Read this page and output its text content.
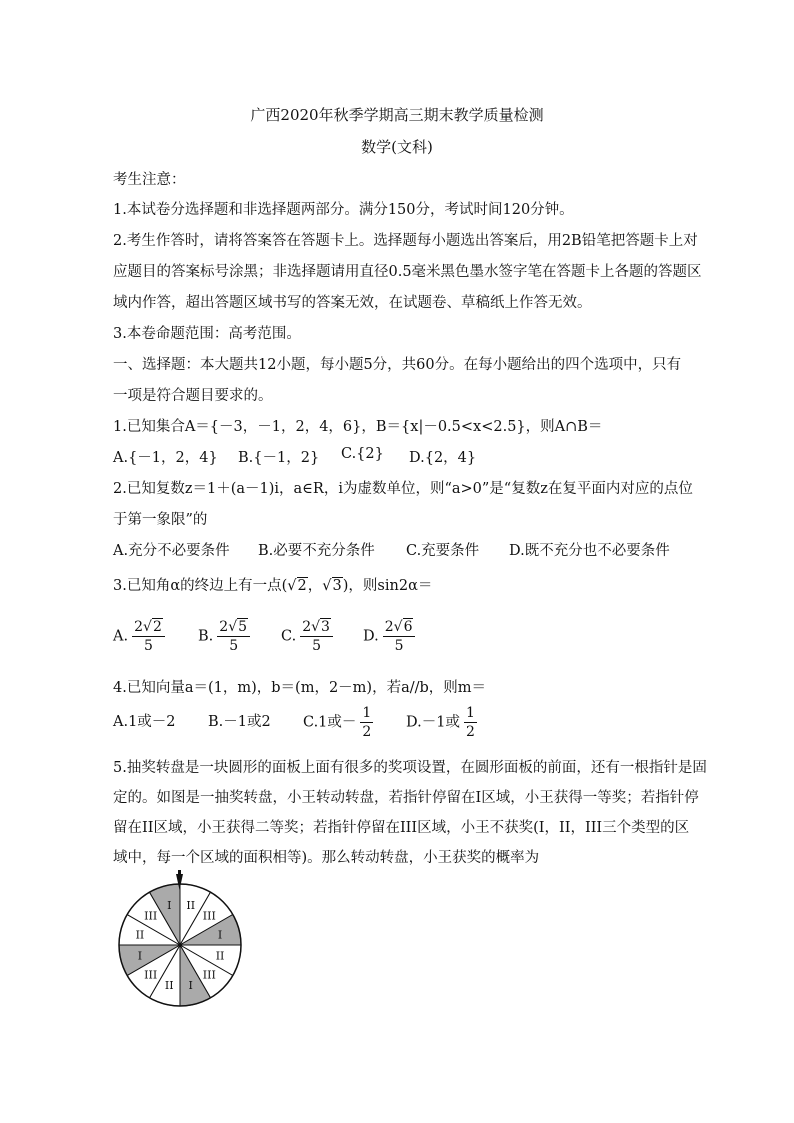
广西2020年秋季学期高三期末教学质量检测
数学(文科)
考生注意：
1.本试卷分选择题和非选择题两部分。满分150分，考试时间120分钟。
2.考生作答时，请将答案答在答题卡上。选择题每小题选出答案后，用2B铅笔把答题卡上对
应题目的答案标号涂黑；非选择题请用直径0.5毫米黑色墨水签字笔在答题卡上各题的答题区
域内作答，超出答题区域书写的答案无效，在试题卷、草稿纸上作答无效。
3.本卷命题范围：高考范围。
一、选择题：本大题共12小题，每小题5分，共60分。在每小题给出的四个选项中，只有
一项是符合题目要求的。
1.已知集合A＝{－3，－1，2，4，6}，B＝{x|－0.5<x<2.5}，则A∩B＝
A.{－1，2，4} B.{－1，2} C.{2} D.{2，4}
2.已知复数z＝1＋(a－1)i，a∈R，i为虚数单位，则“a>0”是“复数z在复平面内对应的点位
于第一象限”的
A.充分不必要条件 B.必要不充分条件 C.充要条件 D.既不充分也不必要条件
3.已知角α的终边上有一点(√2，√3)，则sin2α＝
A. $\frac{2√2}{5} B$. $\frac{2√5}{5} C$. $\frac{2√3}{5} D$. $\frac{2√6}{5}$
4.已知向量a＝(1，m)，b＝(m，2－m)，若a//b，则m＝
A.1或－2 B.－1或2 C.1或－ $\frac{1}{2} D.-1$或 $\frac{1}{2}$
5.抽奖转盘是一块圆形的面板上面有很多的奖项设置，在圆形面板的前面，还有一根指针是固
定的。如图是一抽奖转盘，小王转动转盘，若指针停留在I区域，小王获得一等奖；若指针停
留在II区域，小王获得二等奖；若指针停留在III区域，小王不获奖(I，II，III三个类型的区
域中，每一个区域的面积相等)。那么转动转盘，小王获奖的概率为
II
III
I
II
III
I
II
III
I
II
III
I
